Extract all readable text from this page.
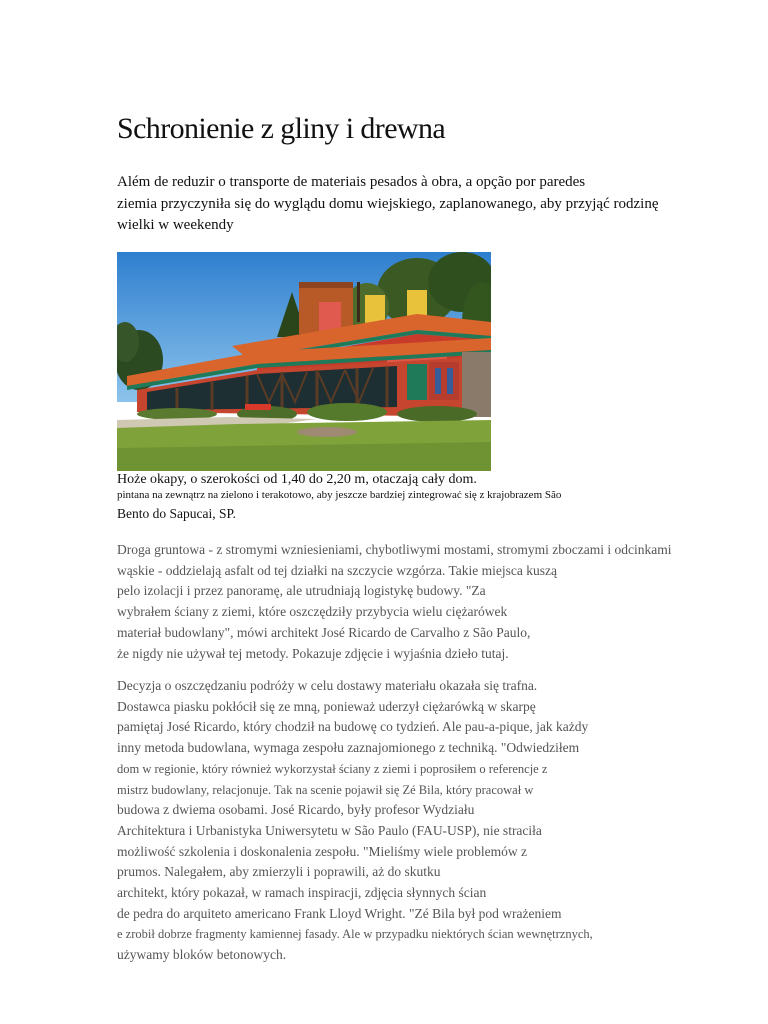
Schronienie z gliny i drewna
Além de reduzir o transporte de materiais pesados à obra, a opção por paredes
ziemia przyczyniła się do wyglądu domu wiejskiego, zaplanowanego, aby przyjąć rodzinę
wielki w weekendy
Hoże okapy, o szerokości od 1,40 do 2,20 m, otaczają cały dom.
pintana na zewnątrz na zielono i terakotowo, aby jeszcze bardziej zintegrować się z krajobrazem São
Bento do Sapucai, SP.
Droga gruntowa - z stromymi wzniesieniami, chybotliwymi mostami, stromymi zboczami i odcinkami
wąskie - oddzielają asfalt od tej działki na szczycie wzgórza. Takie miejsca kuszą
pelo izolacji i przez panoramę, ale utrudniają logistykę budowy. "Za
wybrałem ściany z ziemi, które oszczędziły przybycia wielu ciężarówek
materiał budowlany", mówi architekt José Ricardo de Carvalho z São Paulo,
że nigdy nie używał tej metody. Pokazuje zdjęcie i wyjaśnia dzieło tutaj.
Decyzja o oszczędzaniu podróży w celu dostawy materiału okazała się trafna.
Dostawca piasku pokłócił się ze mną, ponieważ uderzył ciężarówką w skarpę
pamiętaj José Ricardo, który chodził na budowę co tydzień. Ale pau-a-pique, jak każdy
inny metoda budowlana, wymaga zespołu zaznajomionego z techniką. "Odwiedziłem
dom w regionie, który również wykorzystał ściany z ziemi i poprosiłem o referencje z
mistrz budowlany, relacjonuje. Tak na scenie pojawił się Zé Bila, który pracował w
budowa z dwiema osobami. José Ricardo, były profesor Wydziału
Architektura i Urbanistyka Uniwersytetu w São Paulo (FAU-USP), nie straciła
możliwość szkolenia i doskonalenia zespołu. "Mieliśmy wiele problemów z
prumos. Nalegałem, aby zmierzyli i poprawili, aż do skutku
architekt, który pokazał, w ramach inspiracji, zdjęcia słynnych ścian
de pedra do arquiteto americano Frank Lloyd Wright. "Zé Bila był pod wrażeniem
e zrobił dobrze fragmenty kamiennej fasady. Ale w przypadku niektórych ścian wewnętrznych,
używamy bloków betonowych.
